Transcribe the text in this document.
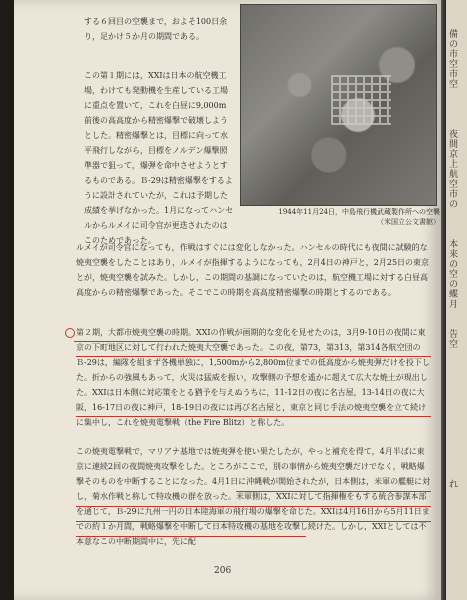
する６回目の空襲まで，およそ100日余り，足かけ５か月の期間である。

この第１期には，XXIは日本の航空機工場，わけても発動機を生産している工場に重点を置いて，これを白昼に9,000m前後の高高度から精密爆撃で破壊しようとした。精密爆撃とは，目標に向って水平飛行しながら，目標をノルデン爆撃照準器で狙って，爆弾を命中させようとするものである。Ｂ-29は精密爆撃をするように設計されていたが，これは予期した成績を挙げなかった。1月になってハンセルからルメイに司令官が更迭されたのはこのためであった。

1944年11月24日，中島飛行機武蔵製作所への空襲
（米国立公文書館）

ルメイが司令官になっても，作戦はすぐには変化しなかった。ハンセルの時代にも夜間に試験的な焼夷空襲をしたことはあり，ルメイが指揮するようになっても，2月4日の神戸と，2月25日の東京とが，焼夷空襲を試みた。しかし，この期間の基調になっていたのは，航空機工場に対する白昼高高度からの精密爆撃であった。そこでこの時期を高高度精密爆撃の時期とするのである。

第２期，大都市焼夷空襲の時期。XXIの作戦が画期的な変化を見せたのは，3月9-10日の夜間に東京の下町地区に対して行われた焼夷大空襲であった。この夜，第73，第313，第314各航空団のＢ-29は，編隊を組まず各機単独に，1,500mから2,800m位までの低高度から焼夷弾だけを投下した。折からの強風もあって，火災は猛威を振い，攻撃側の予想を遙かに超えて広大な焼土が現出した。XXIは日本側に対応策をとる猶予を与えぬうちに，11-12日の夜に名古屋，13-14日の夜に大阪，16-17日の夜に神戸，18-19日の夜には再び名古屋と，東京と同じ手法の焼夷空襲を立て続けに集中し，これを焼夷電撃戦（the Fire Blitz）と称した。

この焼夷電撃戦で，マリアナ基地では焼夷弾を使い果たしたが，やっと補充を得て，4月半ばに東京に連続2回の夜間焼夷攻撃をした。ところがここで，別の事情から焼夷空襲だけでなく，戦略爆撃そのものを中断することになった。4月1日に沖縄戦が開始されたが，日本側は，米軍の艦艇に対し，菊水作戦と称して特攻機の群を放った。米軍側は，XXIに対して指揮権をもする統合参謀本部を通じて，Ｂ-29に九州一円の日本陸海軍の飛行場の爆撃を命じた。XXIは4月16日から5月11日までの約１か月間，戦略爆撃を中断して日本特攻機の基地を攻撃し続けた。しかし，XXIとしては不本意なこの中断期間中に，先に配

206
備の市空市空
夜間京上航空市の
本来の空の蝶月
告空
れ
